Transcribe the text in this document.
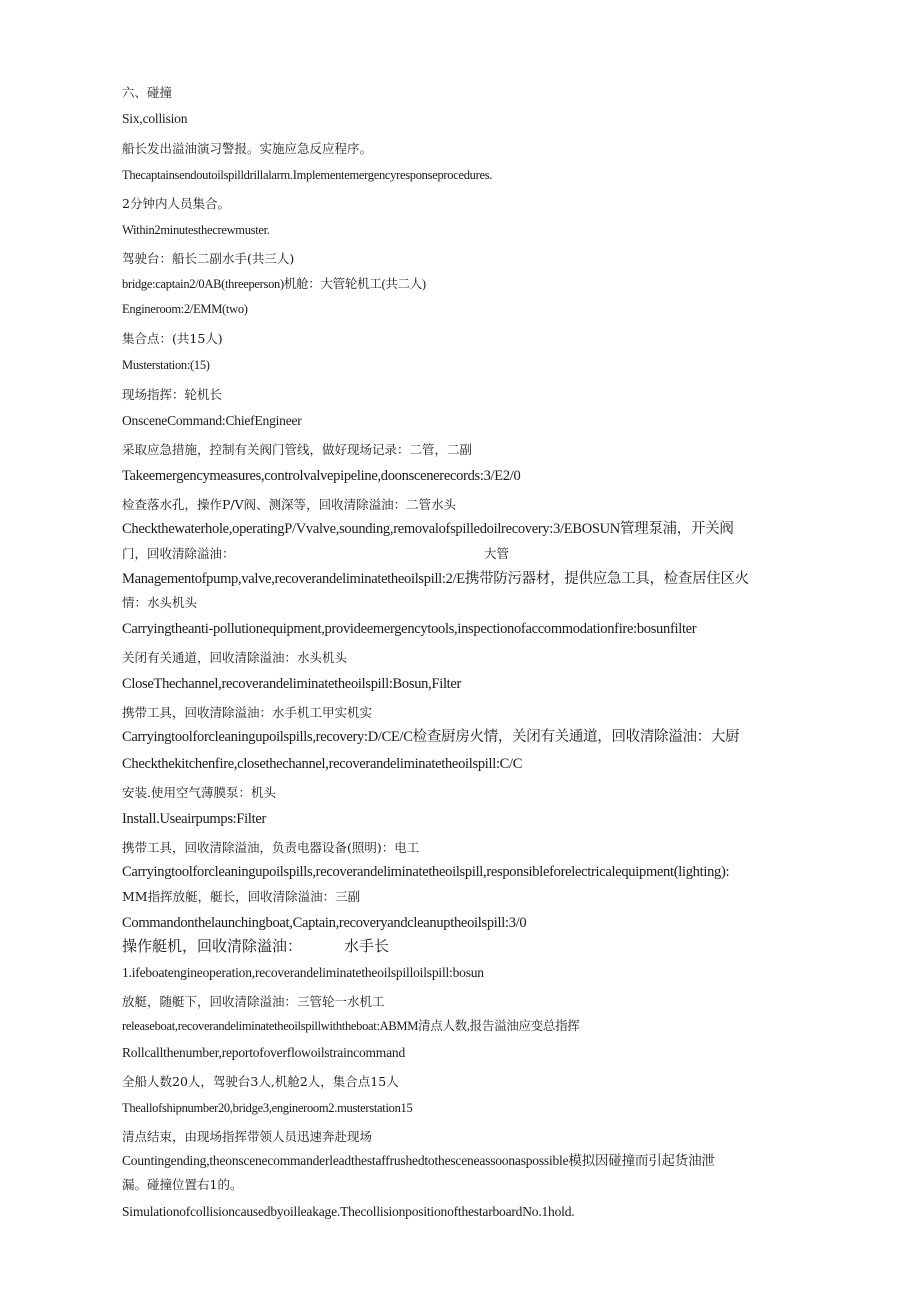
六、碰撞
Six,collision
船长发出溢油演习警报。实施应急反应程序。
Thecaptainsendoutoilspilldrillalarm.Implementemergencyresponseprocedures.
2分钟内人员集合。
Within2minutesthecrewmuster.
驾驶台：船长二副水手(共三人)
bridge:captain2/0AB(threeperson)机舱：大管轮机工(共二人)
Engineroom:2/EMM(two)
集合点：(共15人)
Musterstation:(15)
现场指挥：轮机长
OnsceneCommand:ChiefEngineer
采取应急措施，控制有关阀门管线，做好现场记录：二管，二副
Takeemergencymeasures,controlvalvepipeline,doonscenerecords:3/E2/0
检查落水孔，操作P/V阀、测深等，回收清除溢油：二管水头
Checkthewaterhole,operatingP/Vvalve,sounding,removalofspilledoilrecovery:3/EBOSUN管理泵浦，开关阀
门，回收清除溢油：	大管
Managementofpump,valve,recoverandeliminatetheoilspill:2/E携带防污器材，提供应急工具，检查居住区火
情：水头机头
Carryingtheanti-pollutionequipment,provideemergencytools,inspectionofaccommodationfire:bosunfilter
关闭有关通道，回收清除溢油：水头机头
CloseThechannel,recoverandeliminatetheoilspill:Bosun,Filter
携带工具，回收清除溢油：水手机工甲实机实
Carryingtoolforcleaningupoilspills,recovery:D/CE/C检查厨房火情，关闭有关通道，回收清除溢油：大厨
Checkthekitchenfire,closethechannel,recoverandeliminatetheoilspill:C/C
安装.使用空气薄膜泵：机头
Install.Useairpumps:Filter
携带工具，回收清除溢油，负责电器设备(照明)：电工
Carryingtoolforcleaningupoilspills,recoverandeliminatetheoilspill,responsibleforelectricalequipment(lighting):
MM指挥放艇，艇长，回收清除溢油：三副
Commandonthelaunchingboat,Captain,recoveryandcleanuptheoilspill:3/0
操作艇机，回收清除溢油：	水手长
1.ifeboatengineoperation,recoverandeliminatetheoilspilloilspill:bosun
放艇，随艇下，回收清除溢油：三管轮一水机工
releaseboat,recoverandeliminatetheoilspillwiththeboat:ABMM清点人数,报告溢油应变总指挥
Rollcallthenumber,reportofoverflowoilstraincommand
全船人数20人，驾驶台3人,机舱2人，集合点15人
Theallofshipnumber20,bridge3,engineroom2.musterstation15
清点结束，由现场指挥带领人员迅速奔赴现场
Countingending,theonscenecommanderleadthestaffrushedtothesceneassoonaspossible模拟因碰撞而引起货油泄
漏。碰撞位置右1的。
Simulationofcollisioncausedbyoilleakage.ThecollisionpositionofthestarboardNo.1hold.
